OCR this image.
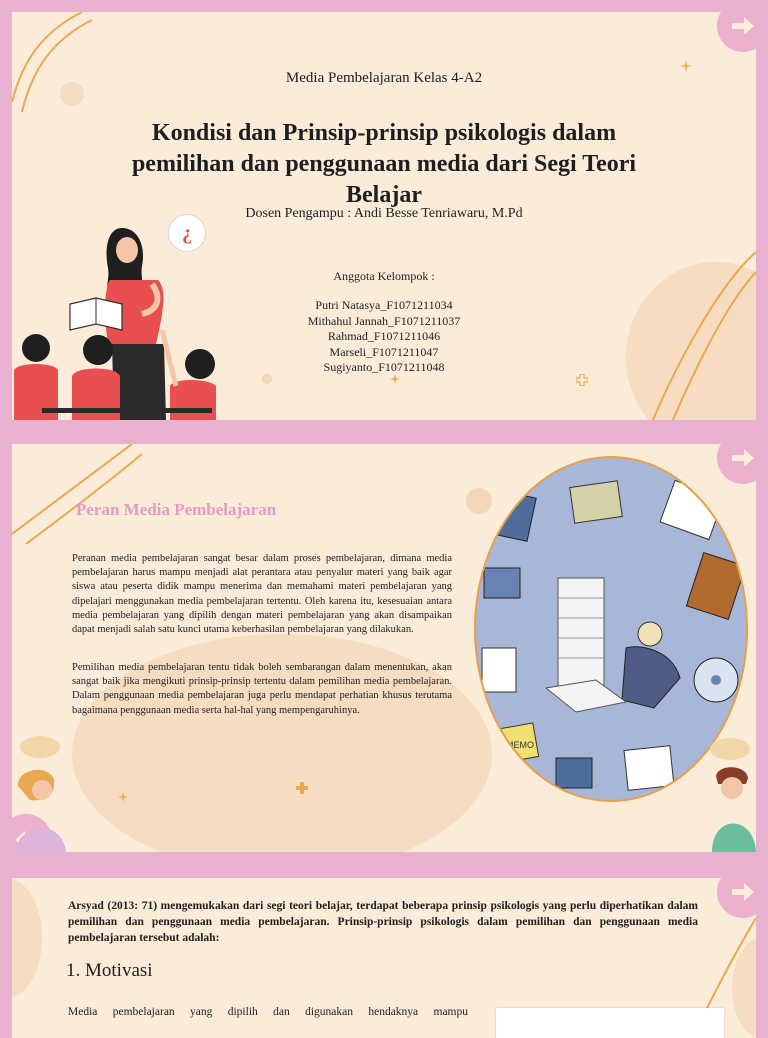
Media Pembelajaran Kelas 4-A2
Kondisi dan Prinsip-prinsip psikologis dalam pemilihan dan penggunaan media dari Segi Teori Belajar
Dosen Pengampu : Andi Besse Tenriawaru, M.Pd
Anggota Kelompok :
Putri Natasya_F1071211034
Mithahul Jannah_F1071211037
Rahmad_F1071211046
Marseli_F1071211047
Sugiyanto_F1071211048
¿
Peran Media Pembelajaran
Peranan media pembelajaran sangat besar dalam proses pembelajaran, dimana media pembelajaran harus mampu menjadi alat perantara atau penyalur materi yang baik agar siswa atau peserta didik mampu menerima dan memahami materi pembelajaran yang dipelajari menggunakan media pembelajaran tertentu. Oleh karena itu, kesesuaian antara media pembelajaran yang dipilih dengan materi pembelajaran yang akan disampaikan dapat menjadi salah satu kunci utama keberhasilan pembelajaran yang dilakukan.
Pemilihan media pembelajaran tentu tidak boleh sembarangan dalam menentukan, akan sangat baik jika mengikuti prinsip-prinsip tertentu dalam pemilihan media pembelajaran. Dalam penggunaan media pembelajaran juga perlu mendapat perhatian khusus terutama bagaimana penggunaan media serta hal-hal yang mempengaruhinya.
MEMO
Arsyad (2013: 71) mengemukakan dari segi teori belajar, terdapat beberapa prinsip psikologis yang perlu diperhatikan dalam pemilihan dan penggunaan media pembelajaran. Prinsip-prinsip psikologis dalam pemilihan dan penggunaan media pembelajaran tersebut adalah:
1. Motivasi
Media pembelajaran yang dipilih dan digunakan hendaknya mampu
